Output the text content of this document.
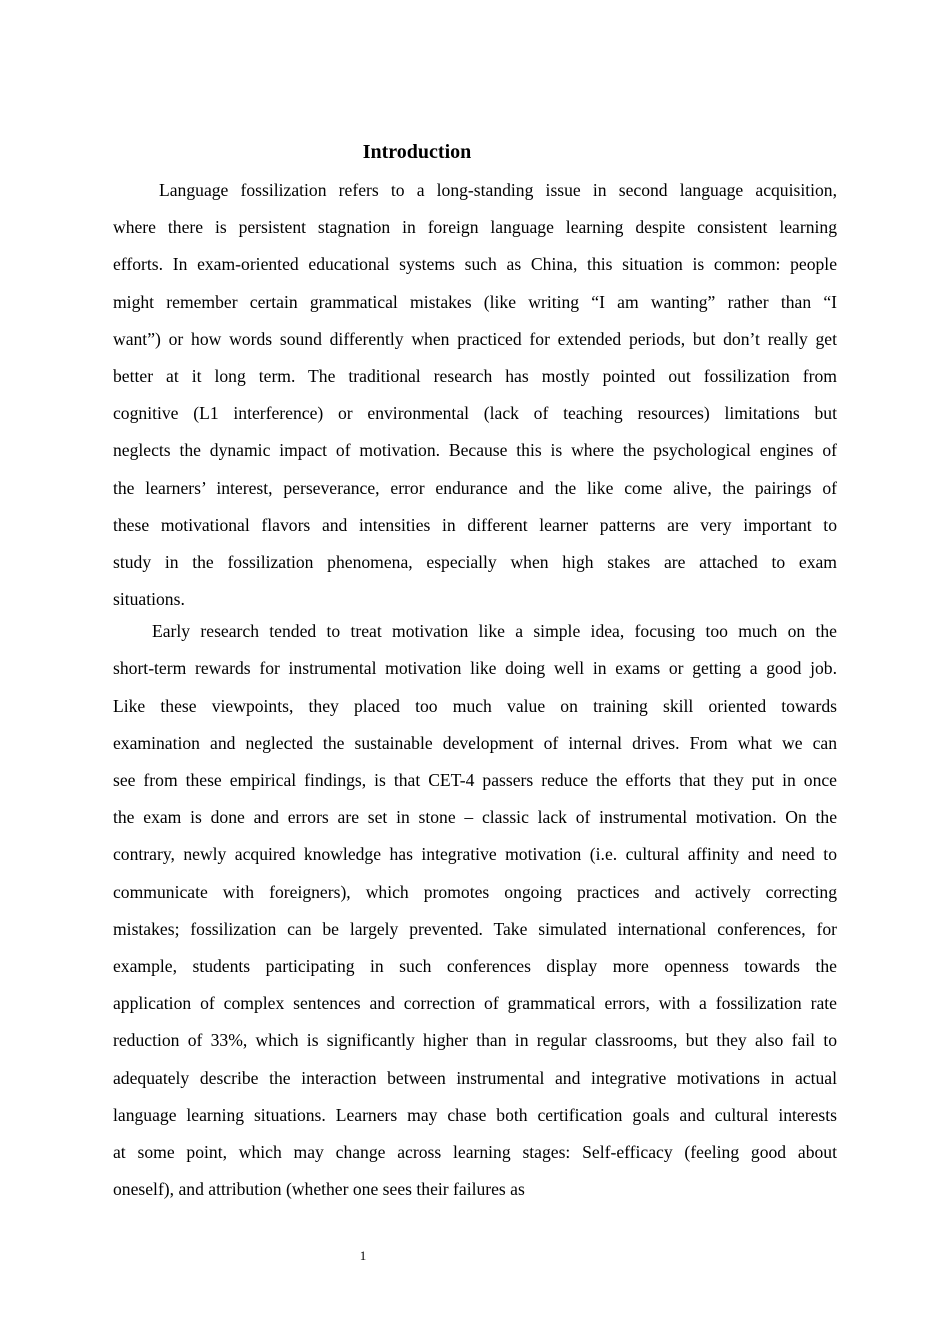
Introduction
Language fossilization refers to a long-standing issue in second language acquisition,
where there is persistent stagnation in foreign language learning despite consistent learning
efforts. In exam-oriented educational systems such as China, this situation is common: people
might remember certain grammatical mistakes (like writing “I am wanting” rather than “I
want”) or how words sound differently when practiced for extended periods, but don’t really get
better at it long term. The traditional research has mostly pointed out fossilization from
cognitive (L1 interference) or environmental (lack of teaching resources) limitations but
neglects the dynamic impact of motivation. Because this is where the psychological engines of
the learners’ interest, perseverance, error endurance and the like come alive, the pairings of
these motivational flavors and intensities in different learner patterns are very important to
study in the fossilization phenomena, especially when high stakes are attached to exam
situations.
Early research tended to treat motivation like a simple idea, focusing too much on the
short-term rewards for instrumental motivation like doing well in exams or getting a good job.
Like these viewpoints, they placed too much value on training skill oriented towards
examination and neglected the sustainable development of internal drives. From what we can
see from these empirical findings, is that CET-4 passers reduce the efforts that they put in once
the exam is done and errors are set in stone – classic lack of instrumental motivation. On the
contrary, newly acquired knowledge has integrative motivation (i.e. cultural affinity and need to
communicate with foreigners), which promotes ongoing practices and actively correcting
mistakes; fossilization can be largely prevented. Take simulated international conferences, for
example, students participating in such conferences display more openness towards the
application of complex sentences and correction of grammatical errors, with a fossilization rate
reduction of 33%, which is significantly higher than in regular classrooms, but they also fail to
adequately describe the interaction between instrumental and integrative motivations in actual
language learning situations. Learners may chase both certification goals and cultural interests
at some point, which may change across learning stages: Self-efficacy (feeling good about
oneself), and attribution (whether one sees their failures as
1
